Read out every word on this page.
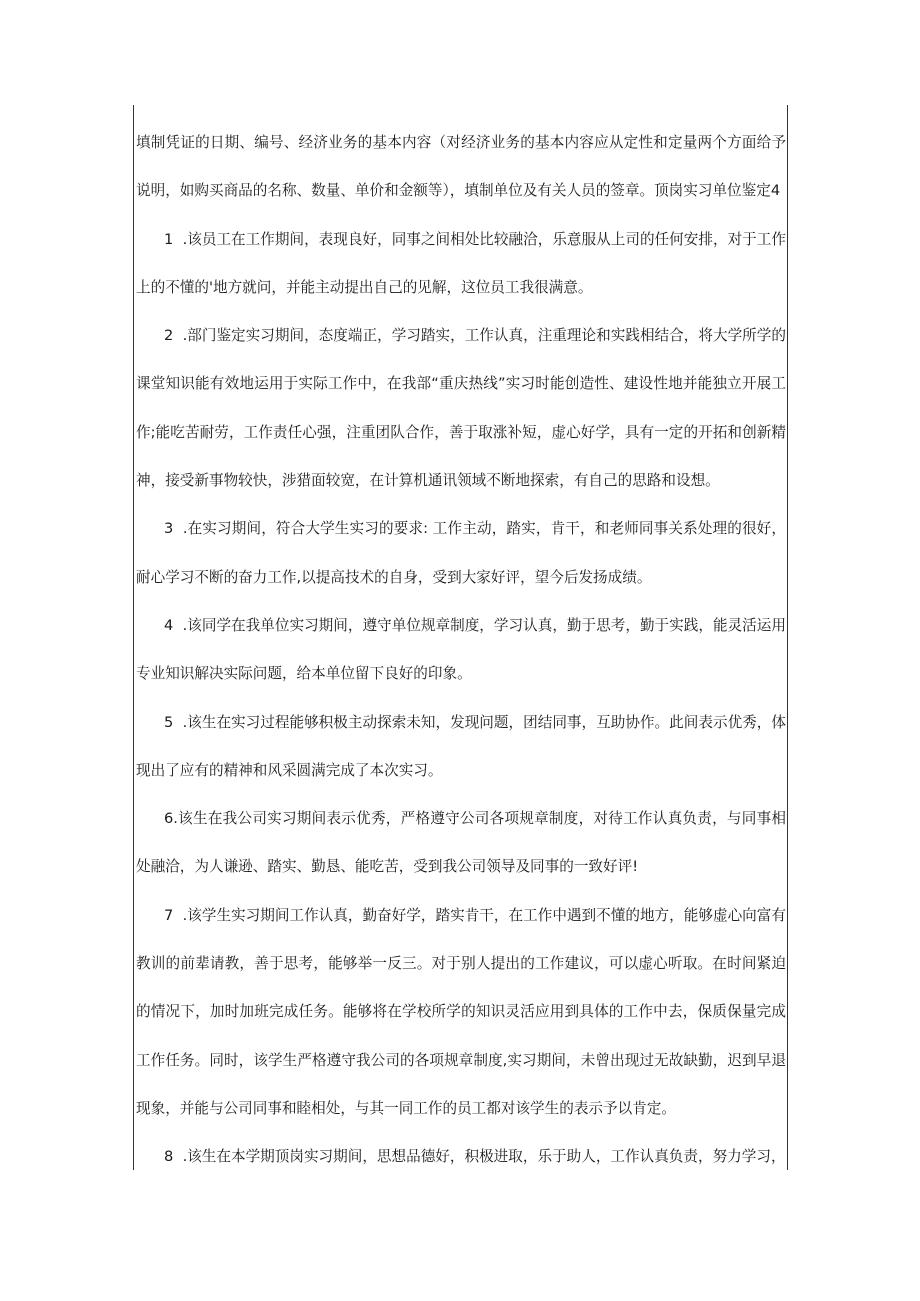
填制凭证的日期、编号、经济业务的基本内容（对经济业务的基本内容应从定性和定量两个方面给予说明，如购买商品的名称、数量、单价和金额等），填制单位及有关人员的签章。顶岗实习单位鉴定4

1  .该员工在工作期间，表现良好，同事之间相处比较融洽，乐意服从上司的任何安排，对于工作上的不懂的'地方就问，并能主动提出自己的见解，这位员工我很满意。

2  .部门鉴定实习期间，态度端正，学习踏实，工作认真，注重理论和实践相结合，将大学所学的课堂知识能有效地运用于实际工作中，在我部“重庆热线”实习时能创造性、建设性地并能独立开展工作;能吃苦耐劳，工作责任心强，注重团队合作，善于取涨补短，虚心好学，具有一定的开拓和创新精神，接受新事物较快，涉猎面较宽，在计算机通讯领域不断地探索，有自己的思路和设想。

3  .在实习期间，符合大学生实习的要求: 工作主动，踏实，肯干，和老师同事关系处理的很好，耐心学习不断的奋力工作,以提高技术的自身，受到大家好评，望今后发扬成绩。

4  .该同学在我单位实习期间，遵守单位规章制度，学习认真，勤于思考，勤于实践，能灵活运用专业知识解决实际问题，给本单位留下良好的印象。

5  .该生在实习过程能够积极主动探索未知，发现问题，团结同事，互助协作。此间表示优秀，体现出了应有的精神和风采圆满完成了本次实习。

6.该生在我公司实习期间表示优秀，严格遵守公司各项规章制度，对待工作认真负责，与同事相处融洽，为人谦逊、踏实、勤恳、能吃苦，受到我公司领导及同事的一致好评!

7  .该学生实习期间工作认真，勤奋好学，踏实肯干，在工作中遇到不懂的地方，能够虚心向富有教训的前辈请教，善于思考，能够举一反三。对于别人提出的工作建议，可以虚心听取。在时间紧迫的情况下，加时加班完成任务。能够将在学校所学的知识灵活应用到具体的工作中去，保质保量完成工作任务。同时，该学生严格遵守我公司的各项规章制度,实习期间，未曾出现过无故缺勤，迟到早退现象，并能与公司同事和睦相处，与其一同工作的员工都对该学生的表示予以肯定。

8  .该生在本学期顶岗实习期间，思想品德好，积极进取，乐于助人，工作认真负责，努力学习，
